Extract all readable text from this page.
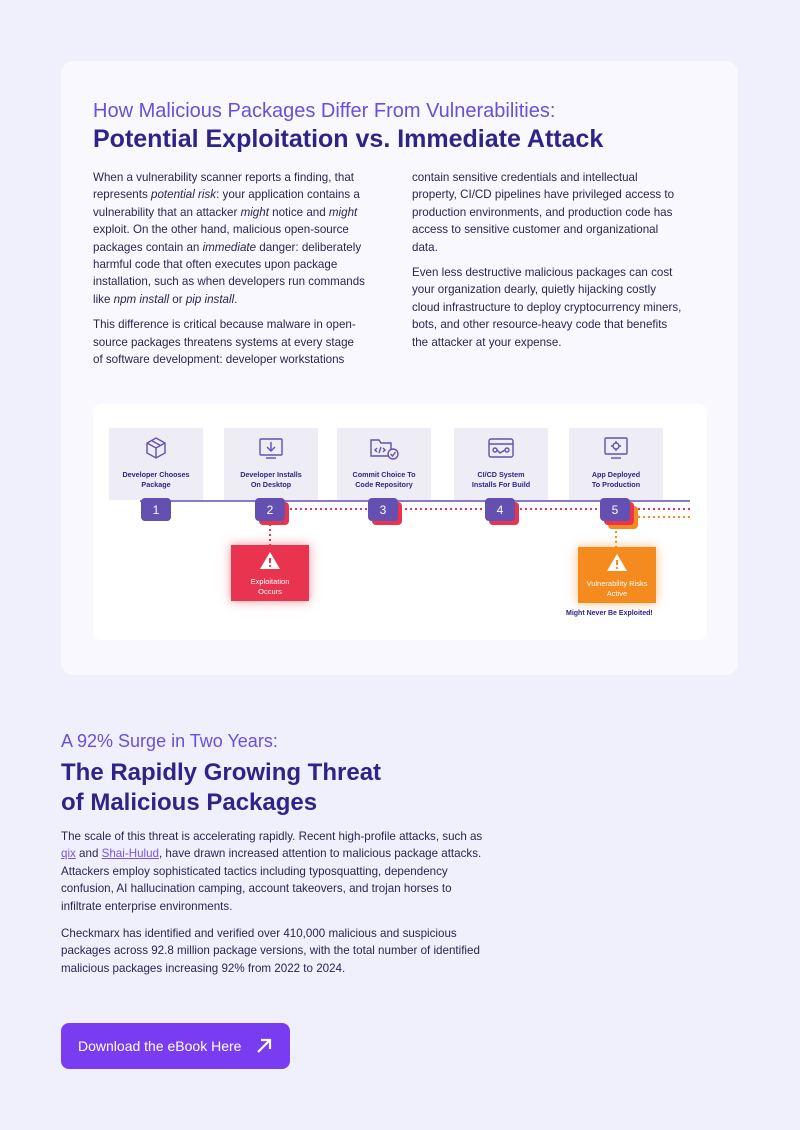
How Malicious Packages Differ From Vulnerabilities:
Potential Exploitation vs. Immediate Attack

When a vulnerability scanner reports a finding, that represents potential risk: your application contains a vulnerability that an attacker might notice and might exploit. On the other hand, malicious open-source packages contain an immediate danger: deliberately harmful code that often executes upon package installation, such as when developers run commands like npm install or pip install.

This difference is critical because malware in open-source packages threatens systems at every stage of software development: developer workstations

contain sensitive credentials and intellectual property, CI/CD pipelines have privileged access to production environments, and production code has access to sensitive customer and organizational data.

Even less destructive malicious packages can cost your organization dearly, quietly hijacking costly cloud infrastructure to deploy cryptocurrency miners, bots, and other resource-heavy code that benefits the attacker at your expense.

Developer Chooses
Package
1
Developer Installs
On Desktop
2
Commit Choice To
Code Repository
3
CI/CD System
Installs For Build
4
App Deployed
To Production
5
Exploitation
Occurs
Vulnerability Risks
Active
Might Never Be Exploited!
A 92% Surge in Two Years:
The Rapidly Growing Threat
of Malicious Packages

The scale of this threat is accelerating rapidly. Recent high-profile attacks, such as qix and Shai-Hulud, have drawn increased attention to malicious package attacks. Attackers employ sophisticated tactics including typosquatting, dependency confusion, AI hallucination camping, account takeovers, and trojan horses to infiltrate enterprise environments.

Checkmarx has identified and verified over 410,000 malicious and suspicious packages across 92.8 million package versions, with the total number of identified malicious packages increasing 92% from 2022 to 2024.

Download the eBook Here
